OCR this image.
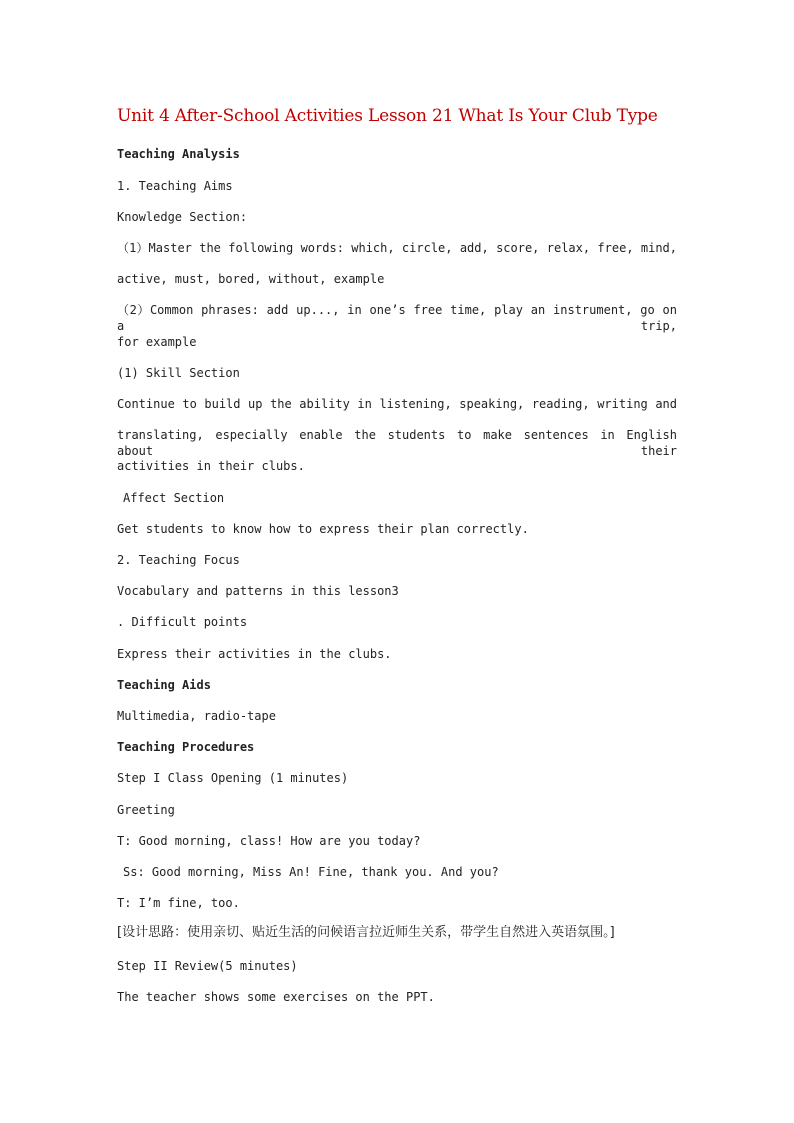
Unit 4 After-School Activities Lesson 21 What Is Your Club Type
Teaching Analysis
1. Teaching Aims
Knowledge Section:
（1）Master the following words: which, circle, add, score, relax, free, mind,
active, must, bored, without, example
（2）Common phrases: add up..., in one’s free time, play an instrument, go on a trip,
for example
(1) Skill Section
Continue to build up the ability in listening, speaking, reading, writing and
translating, especially enable the students to make sentences in English about their
activities in their clubs.
Affect Section
Get students to know how to express their plan correctly.
2. Teaching Focus
Vocabulary and patterns in this lesson3
. Difficult points
Express their activities in the clubs.
Teaching Aids
Multimedia, radio-tape
Teaching Procedures
Step I Class Opening (1 minutes)
Greeting
T: Good morning, class! How are you today?
Ss: Good morning, Miss An! Fine, thank you. And you?
T: I’m fine, too.
[设计思路：使用亲切、贴近生活的问候语言拉近师生关系，带学生自然进入英语氛围。]
Step II Review(5 minutes)
The teacher shows some exercises on the PPT.
